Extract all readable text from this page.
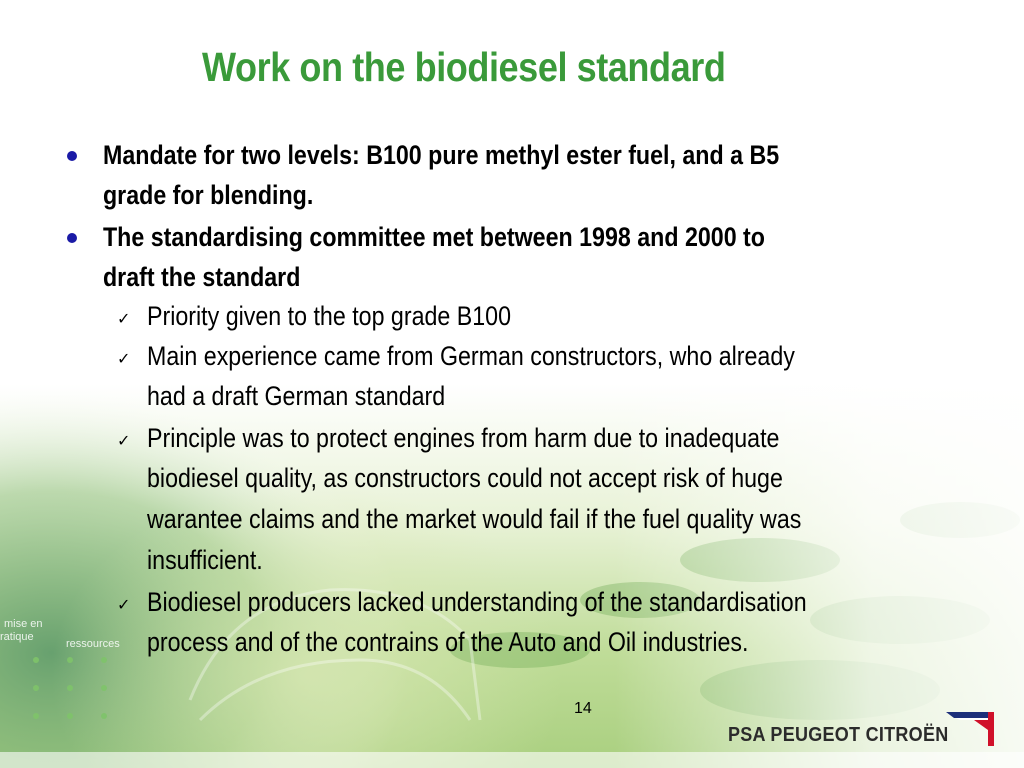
mise en
ratique
ressources
Work on the biodiesel standard
Mandate for two levels: B100 pure methyl ester fuel, and a B5
grade for blending.
The standardising committee met between 1998 and 2000 to
draft the standard
✓ Priority given to the top grade B100
✓ Main experience came from German constructors, who already
had a draft German standard
✓ Principle was to protect engines from harm due to inadequate
biodiesel quality, as constructors could not accept risk of huge
warantee claims and the market would fail if the fuel quality was
insufficient.
✓ Biodiesel producers lacked understanding of the standardisation
process and of the contrains of the Auto and Oil industries.
14
PSA PEUGEOT CITROËN
